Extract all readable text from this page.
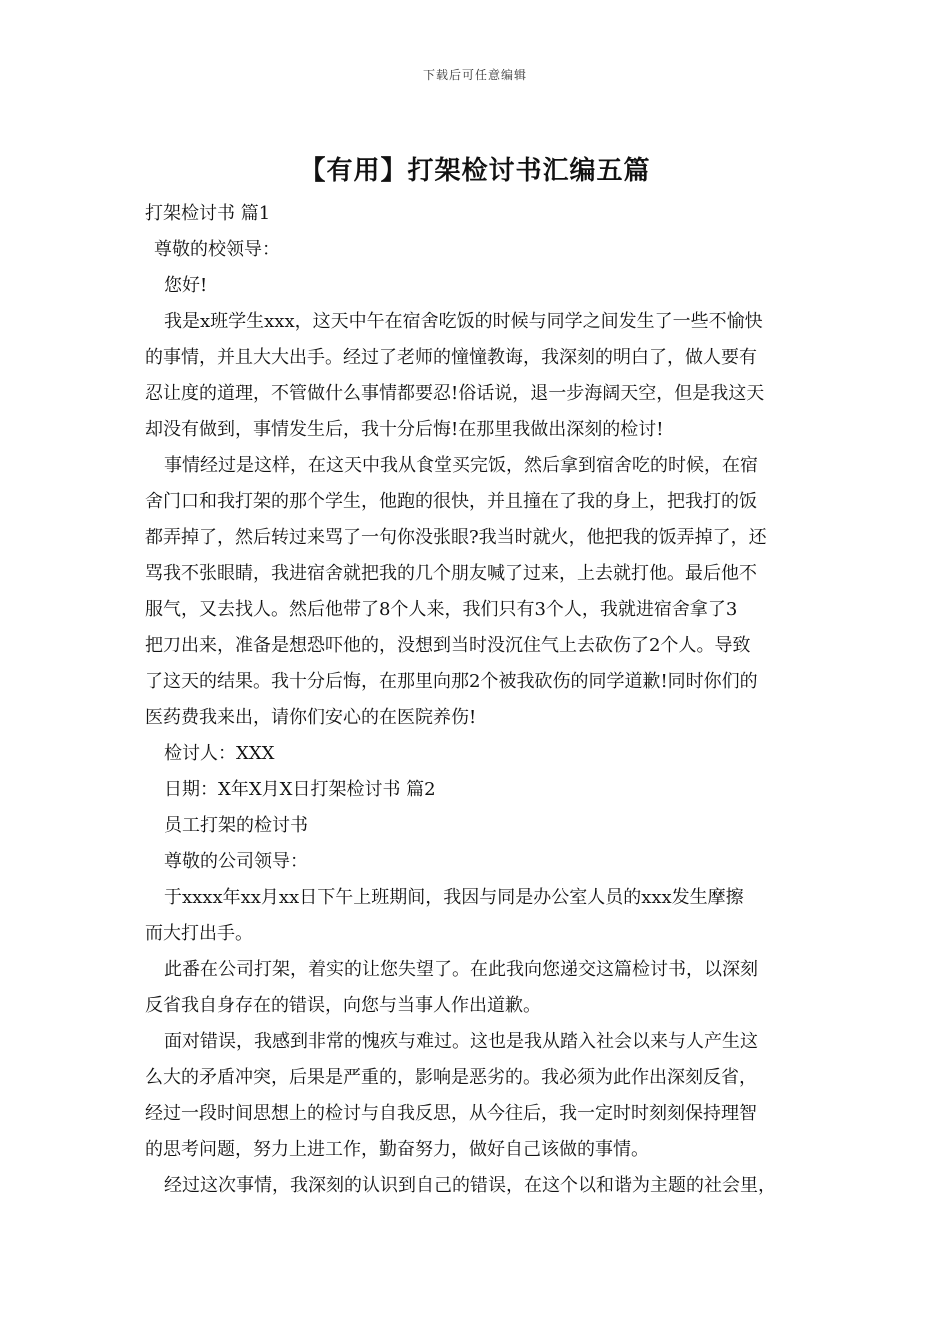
下载后可任意编辑
【有用】打架检讨书汇编五篇
打架检讨书 篇1
尊敬的校领导：
您好!
我是x班学生xxx，这天中午在宿舍吃饭的时候与同学之间发生了一些不愉快
的事情，并且大大出手。经过了老师的憧憧教诲，我深刻的明白了，做人要有
忍让度的道理，不管做什么事情都要忍!俗话说，退一步海阔天空，但是我这天
却没有做到，事情发生后，我十分后悔!在那里我做出深刻的检讨!
事情经过是这样，在这天中我从食堂买完饭，然后拿到宿舍吃的时候，在宿
舍门口和我打架的那个学生，他跑的很快，并且撞在了我的身上，把我打的饭
都弄掉了，然后转过来骂了一句你没张眼?我当时就火，他把我的饭弄掉了，还
骂我不张眼睛，我进宿舍就把我的几个朋友喊了过来，上去就打他。最后他不
服气，又去找人。然后他带了8个人来，我们只有3个人，我就进宿舍拿了3
把刀出来，准备是想恐吓他的，没想到当时没沉住气上去砍伤了2个人。导致
了这天的结果。我十分后悔，在那里向那2个被我砍伤的同学道歉!同时你们的
医药费我来出，请你们安心的在医院养伤!
检讨人：XXX
日期：X年X月X日打架检讨书 篇2
员工打架的检讨书
尊敬的公司领导：
于xxxx年xx月xx日下午上班期间，我因与同是办公室人员的xxx发生摩擦
而大打出手。
此番在公司打架，着实的让您失望了。在此我向您递交这篇检讨书，以深刻
反省我自身存在的错误，向您与当事人作出道歉。
面对错误，我感到非常的愧疚与难过。这也是我从踏入社会以来与人产生这
么大的矛盾冲突，后果是严重的，影响是恶劣的。我必须为此作出深刻反省，
经过一段时间思想上的检讨与自我反思，从今往后，我一定时时刻刻保持理智
的思考问题，努力上进工作，勤奋努力，做好自己该做的事情。
经过这次事情，我深刻的认识到自己的错误，在这个以和谐为主题的社会里，
